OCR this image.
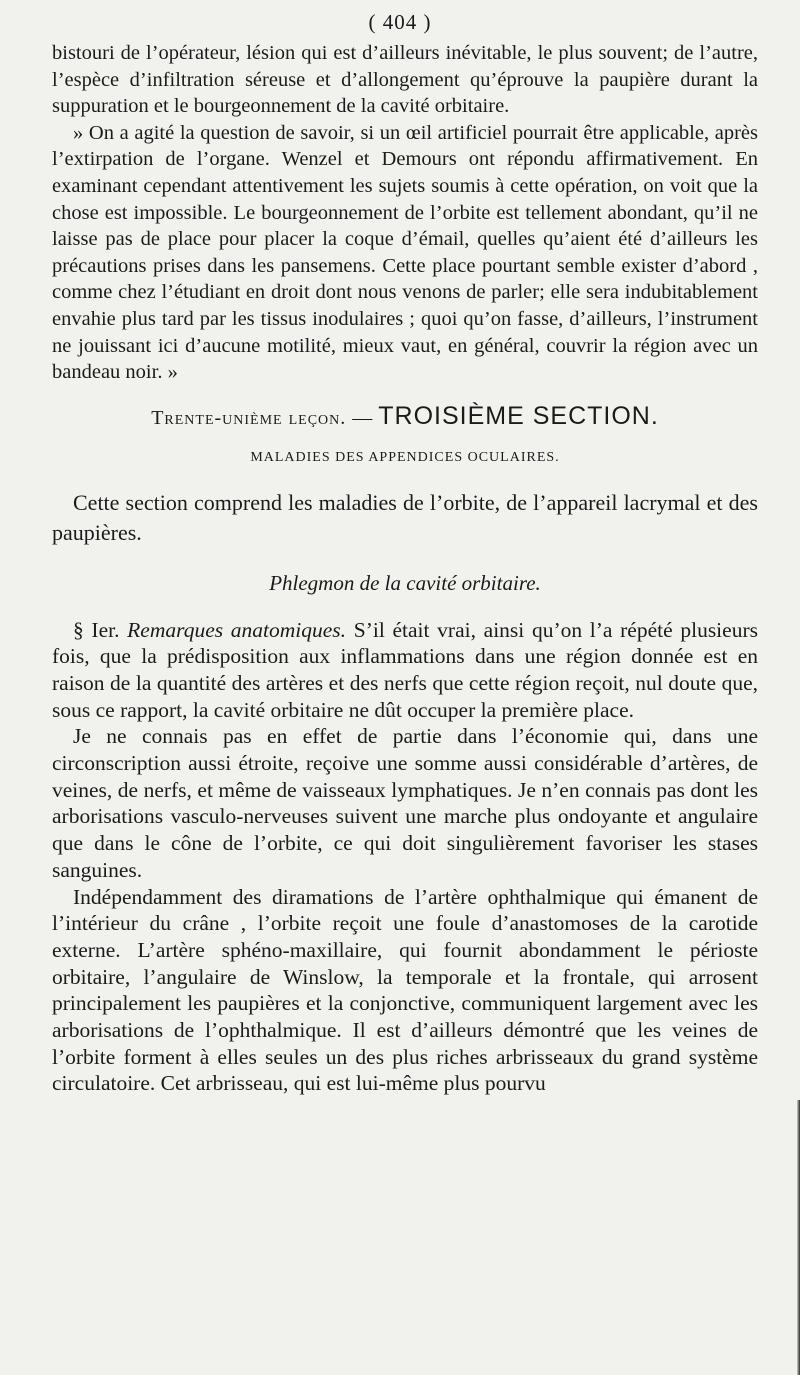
( 404 )

bistouri de l’opérateur, lésion qui est d’ailleurs inévitable, le plus souvent; de l’autre, l’espèce d’infiltration séreuse et d’allongement qu’éprouve la paupière durant la suppuration et le bourgeonnement de la cavité orbitaire.

» On a agité la question de savoir, si un œil artificiel pourrait être applicable, après l’extirpation de l’organe. Wenzel et Demours ont répondu affirmativement. En examinant cependant attentivement les sujets soumis à cette opération, on voit que la chose est impossible. Le bourgeonnement de l’orbite est tellement abondant, qu’il ne laisse pas de place pour placer la coque d’émail, quelles qu’aient été d’ailleurs les précautions prises dans les pansemens. Cette place pourtant semble exister d’abord , comme chez l’étudiant en droit dont nous venons de parler; elle sera indubitablement envahie plus tard par les tissus inodulaires ; quoi qu’on fasse, d’ailleurs, l’instrument ne jouissant ici d’aucune motilité, mieux vaut, en général, couvrir la région avec un bandeau noir. »

Trente-unième leçon. — TROISIÈME SECTION.
MALADIES DES APPENDICES OCULAIRES.

Cette section comprend les maladies de l’orbite, de l’appareil lacrymal et des paupières.

Phlegmon de la cavité orbitaire.

§ Ier. Remarques anatomiques. S’il était vrai, ainsi qu’on l’a répété plusieurs fois, que la prédisposition aux inflammations dans une région donnée est en raison de la quantité des artères et des nerfs que cette région reçoit, nul doute que, sous ce rapport, la cavité orbitaire ne dût occuper la première place.

Je ne connais pas en effet de partie dans l’économie qui, dans une circonscription aussi étroite, reçoive une somme aussi considérable d’artères, de veines, de nerfs, et même de vaisseaux lymphatiques. Je n’en connais pas dont les arborisations vasculo-nerveuses suivent une marche plus ondoyante et angulaire que dans le cône de l’orbite, ce qui doit singulièrement favoriser les stases sanguines.

Indépendamment des diramations de l’artère ophthalmique qui émanent de l’intérieur du crâne , l’orbite reçoit une foule d’anastomoses de la carotide externe. L’artère sphéno-maxillaire, qui fournit abondamment le périoste orbitaire, l’angulaire de Winslow, la temporale et la frontale, qui arrosent principalement les paupières et la conjonctive, communiquent largement avec les arborisations de l’ophthalmique. Il est d’ailleurs démontré que les veines de l’orbite forment à elles seules un des plus riches arbrisseaux du grand système circulatoire. Cet arbrisseau, qui est lui-même plus pourvu
